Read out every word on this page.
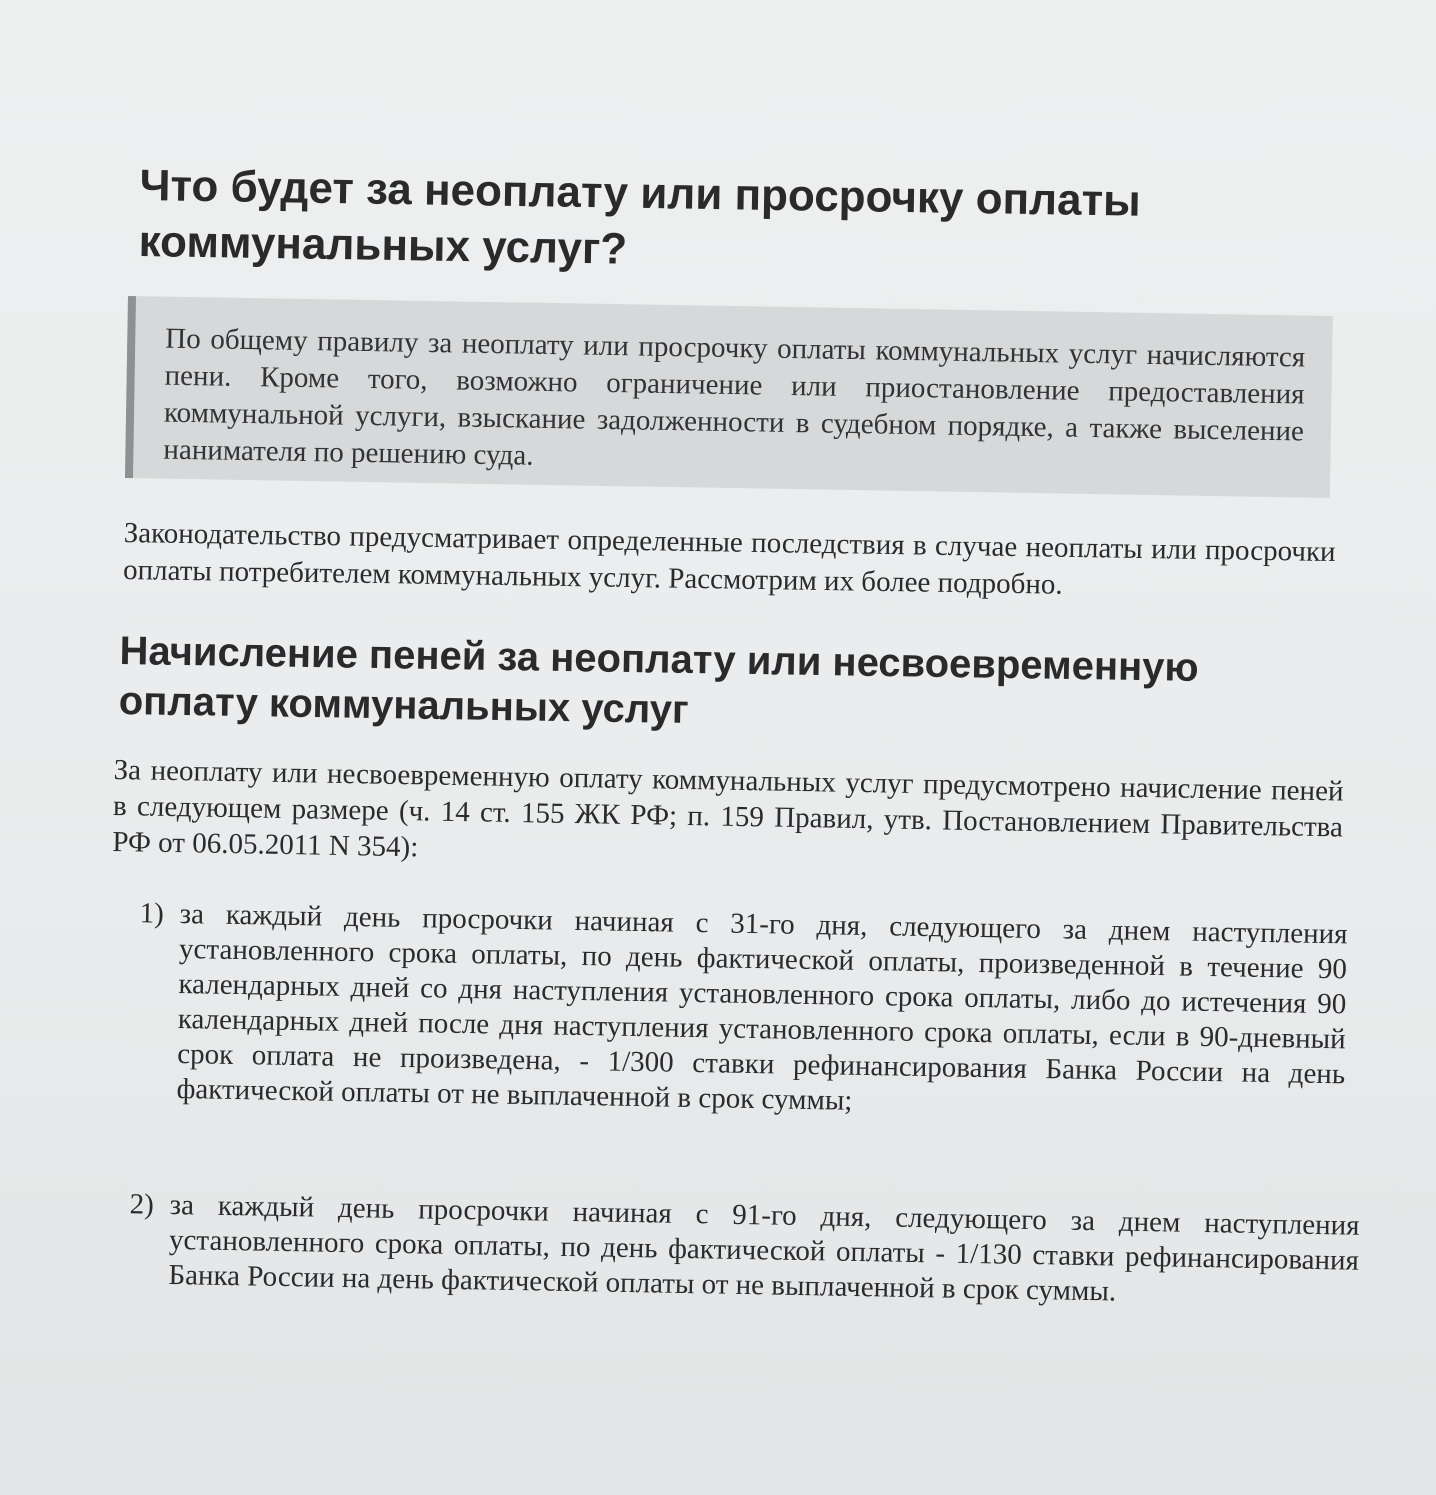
Что будет за неоплату или просрочку оплаты коммунальных услуг?

По общему правилу за неоплату или просрочку оплаты коммунальных услуг начисляются пени. Кроме того, возможно ограничение или приостановление предоставления коммунальной услуги, взыскание задолженности в судебном порядке, а также выселение нанимателя по решению суда.

Законодательство предусматривает определенные последствия в случае неоплаты или просрочки оплаты потребителем коммунальных услуг. Рассмотрим их более подробно.

Начисление пеней за неоплату или несвоевременную оплату коммунальных услуг

За неоплату или несвоевременную оплату коммунальных услуг предусмотрено начисление пеней в следующем размере (ч. 14 ст. 155 ЖК РФ; п. 159 Правил, утв. Постановлением Правительства РФ от 06.05.2011 N 354):

1) за каждый день просрочки начиная с 31-го дня, следующего за днем наступления установленного срока оплаты, по день фактической оплаты, произведенной в течение 90 календарных дней со дня наступления установленного срока оплаты, либо до истечения 90 календарных дней после дня наступления установленного срока оплаты, если в 90-дневный срок оплата не произведена, - 1/300 ставки рефинансирования Банка России на день фактической оплаты от не выплаченной в срок суммы;
2) за каждый день просрочки начиная с 91-го дня, следующего за днем наступления установленного срока оплаты, по день фактической оплаты - 1/130 ставки рефинансирования Банка России на день фактической оплаты от не выплаченной в срок суммы.
